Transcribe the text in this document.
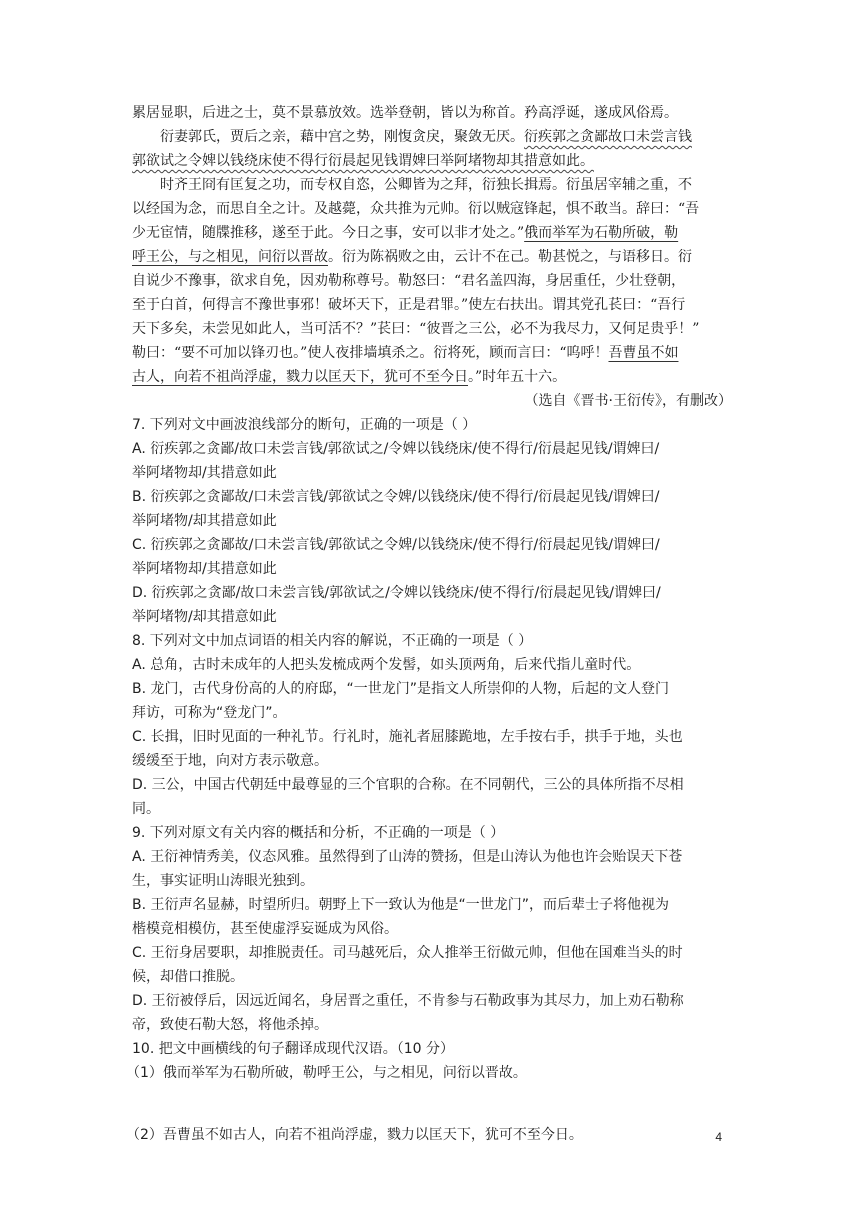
累居显职，后进之士，莫不景慕放效。选举登朝，皆以为称首。矜高浮诞，遂成风俗焉。
衍妻郭氏，贾后之亲，藉中宫之势，刚愎贪戾，聚敛无厌。衍疾郭之贪鄙故口未尝言钱
郭欲试之令婢以钱绕床使不得行衍晨起见钱谓婢曰举阿堵物却其措意如此。
时齐王冏有匡复之功，而专权自恣，公卿皆为之拜，衍独长揖焉。衍虽居宰辅之重，不
以经国为念，而思自全之计。及越薨，众共推为元帅。衍以贼寇锋起，惧不敢当。辞曰：“吾
少无宦情，随牒推移，遂至于此。今日之事，安可以非才处之。”俄而举军为石勒所破，勒
呼王公，与之相见，问衍以晋故。衍为陈祸败之由，云计不在己。勒甚悦之，与语移日。衍
自说少不豫事，欲求自免，因劝勒称尊号。勒怒曰：“君名盖四海，身居重任，少壮登朝，
至于白首，何得言不豫世事邪！破坏天下，正是君罪。”使左右扶出。谓其党孔苌曰：“吾行
天下多矣，未尝见如此人，当可活不？”苌曰：“彼晋之三公，必不为我尽力，又何足贵乎！”
勒曰：“要不可加以锋刃也。”使人夜排墙填杀之。衍将死，顾而言曰：“呜呼！吾曹虽不如
古人，向若不祖尚浮虚，戮力以匡天下，犹可不至今日。”时年五十六。
（选自《晋书·王衍传》，有删改）
7. 下列对文中画波浪线部分的断句，正确的一项是（ ）
A. 衍疾郭之贪鄙/故口未尝言钱/郭欲试之/令婢以钱绕床/使不得行/衍晨起见钱/谓婢曰/
举阿堵物却/其措意如此
B. 衍疾郭之贪鄙故/口未尝言钱/郭欲试之令婢/以钱绕床/使不得行/衍晨起见钱/谓婢曰/
举阿堵物/却其措意如此
C. 衍疾郭之贪鄙故/口未尝言钱/郭欲试之令婢/以钱绕床/使不得行/衍晨起见钱/谓婢曰/
举阿堵物却/其措意如此
D. 衍疾郭之贪鄙/故口未尝言钱/郭欲试之/令婢以钱绕床/使不得行/衍晨起见钱/谓婢曰/
举阿堵物/却其措意如此
8. 下列对文中加点词语的相关内容的解说，不正确的一项是（ ）
A. 总角，古时未成年的人把头发梳成两个发髻，如头顶两角，后来代指儿童时代。
B. 龙门，古代身份高的人的府邸，“一世龙门”是指文人所崇仰的人物，后起的文人登门
拜访，可称为“登龙门”。
C. 长揖，旧时见面的一种礼节。行礼时，施礼者屈膝跪地，左手按右手，拱手于地，头也
缓缓至于地，向对方表示敬意。
D. 三公，中国古代朝廷中最尊显的三个官职的合称。在不同朝代，三公的具体所指不尽相
同。
9. 下列对原文有关内容的概括和分析，不正确的一项是（ ）
A. 王衍神情秀美，仪态风雅。虽然得到了山涛的赞扬，但是山涛认为他也许会贻误天下苍
生，事实证明山涛眼光独到。
B. 王衍声名显赫，时望所归。朝野上下一致认为他是“一世龙门”，而后辈士子将他视为
楷模竞相模仿，甚至使虚浮妄诞成为风俗。
C. 王衍身居要职，却推脱责任。司马越死后，众人推举王衍做元帅，但他在国难当头的时
候，却借口推脱。
D. 王衍被俘后，因远近闻名，身居晋之重任，不肯参与石勒政事为其尽力，加上劝石勒称
帝，致使石勒大怒，将他杀掉。
10. 把文中画横线的句子翻译成现代汉语。（10 分）
（1）俄而举军为石勒所破，勒呼王公，与之相见，问衍以晋故。
（2）吾曹虽不如古人，向若不祖尚浮虚，戮力以匡天下，犹可不至今日。	4
